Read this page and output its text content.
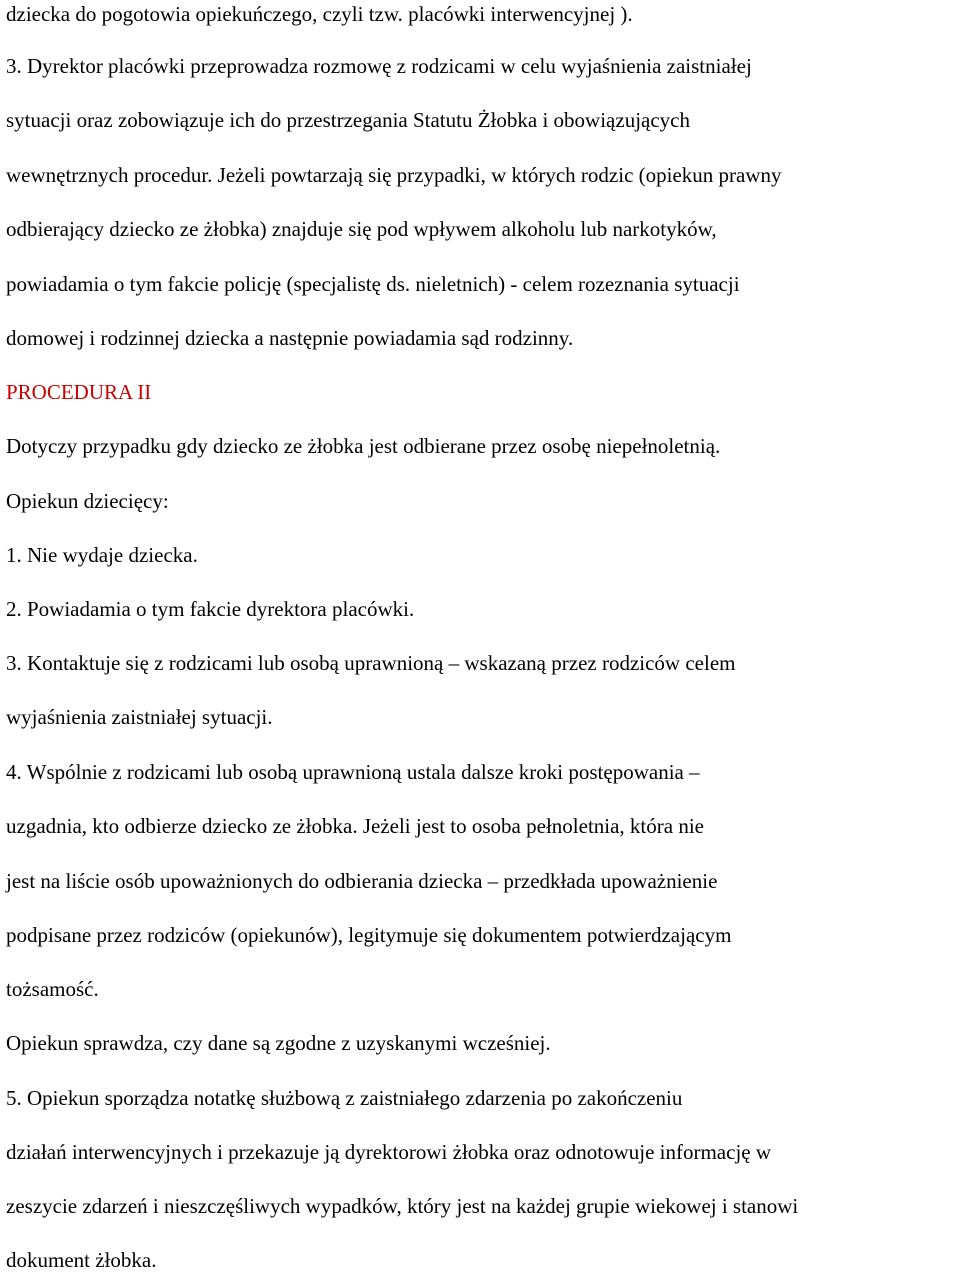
dziecka do pogotowia opiekuńczego, czyli tzw. placówki interwencyjnej ).
3. Dyrektor placówki przeprowadza rozmowę z rodzicami w celu wyjaśnienia zaistniałej
sytuacji oraz zobowiązuje ich do przestrzegania Statutu Żłobka i obowiązujących
wewnętrznych procedur. Jeżeli powtarzają się przypadki, w których rodzic (opiekun prawny
odbierający dziecko ze żłobka) znajduje się pod wpływem alkoholu lub narkotyków,
powiadamia o tym fakcie policję (specjalistę ds. nieletnich) - celem rozeznania sytuacji
domowej i rodzinnej dziecka a następnie powiadamia sąd rodzinny.
PROCEDURA II
Dotyczy przypadku gdy dziecko ze żłobka jest odbierane przez osobę niepełnoletnią.
Opiekun dziecięcy:
1. Nie wydaje dziecka.
2. Powiadamia o tym fakcie dyrektora placówki.
3. Kontaktuje się z rodzicami lub osobą uprawnioną – wskazaną przez rodziców celem
wyjaśnienia zaistniałej sytuacji.
4. Wspólnie z rodzicami lub osobą uprawnioną ustala dalsze kroki postępowania –
uzgadnia, kto odbierze dziecko ze żłobka. Jeżeli jest to osoba pełnoletnia, która nie
jest na liście osób upoważnionych do odbierania dziecka – przedkłada upoważnienie
podpisane przez rodziców (opiekunów), legitymuje się dokumentem potwierdzającym
tożsamość.
Opiekun sprawdza, czy dane są zgodne z uzyskanymi wcześniej.
5. Opiekun sporządza notatkę służbową z zaistniałego zdarzenia po zakończeniu
działań interwencyjnych i przekazuje ją dyrektorowi żłobka oraz odnotowuje informację w
zeszycie zdarzeń i nieszczęśliwych wypadków, który jest na każdej grupie wiekowej i stanowi
dokument żłobka.
